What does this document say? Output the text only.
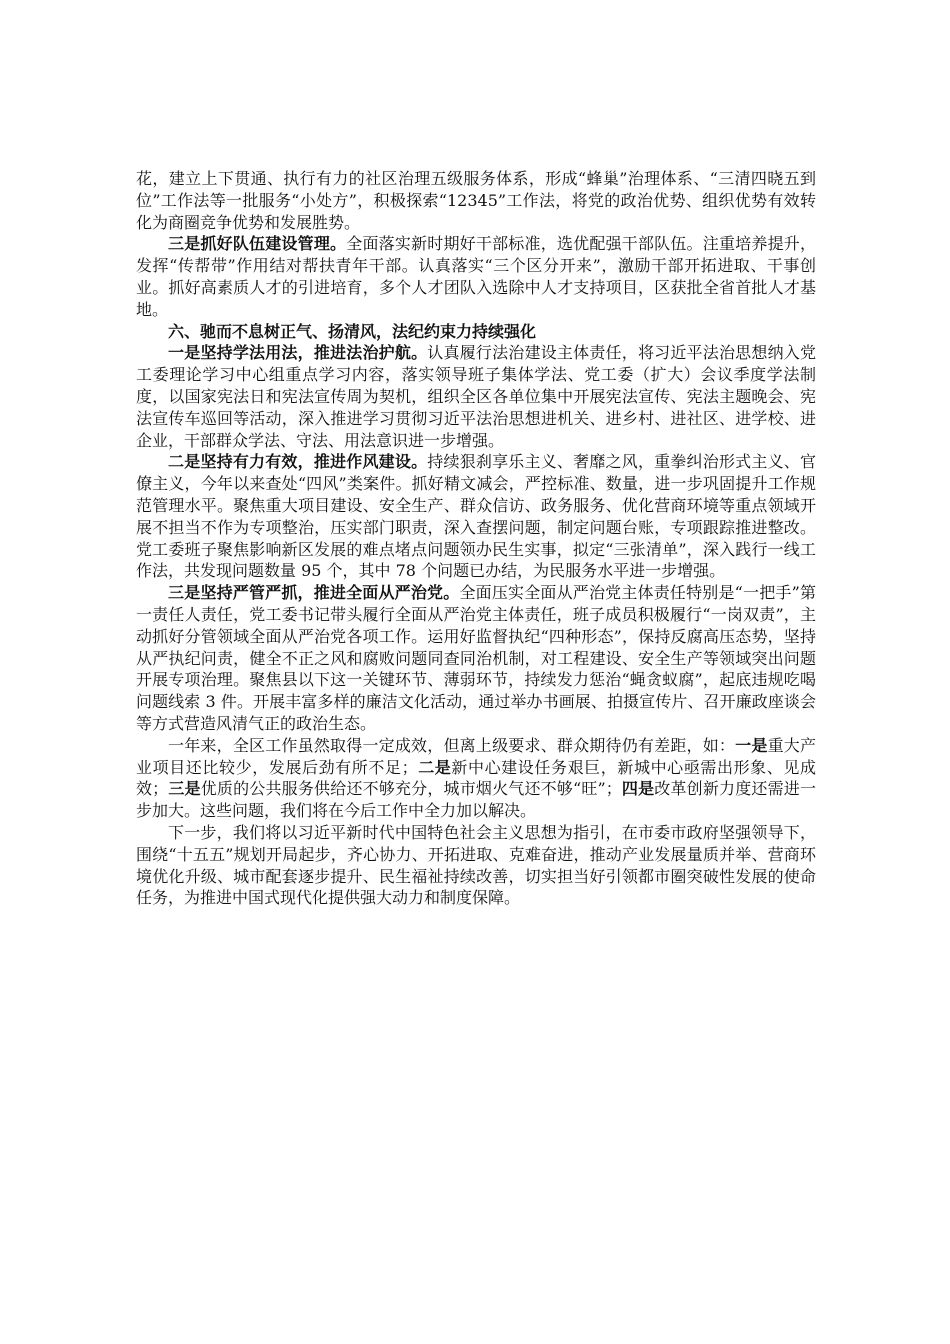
花，建立上下贯通、执行有力的社区治理五级服务体系，形成“蜂巢”治理体系、“三清四晓五到位”工作法等一批服务“小处方”，积极探索“12345”工作法，将党的政治优势、组织优势有效转化为商圈竞争优势和发展胜势。

三是抓好队伍建设管理。全面落实新时期好干部标准，选优配强干部队伍。注重培养提升，发挥“传帮带”作用结对帮扶青年干部。认真落实“三个区分开来”，激励干部开拓进取、干事创业。抓好高素质人才的引进培育，多个人才团队入选除中人才支持项目，区获批全省首批人才基地。

六、驰而不息树正气、扬清风，法纪约束力持续强化

一是坚持学法用法，推进法治护航。认真履行法治建设主体责任，将习近平法治思想纳入党工委理论学习中心组重点学习内容，落实领导班子集体学法、党工委（扩大）会议季度学法制度，以国家宪法日和宪法宣传周为契机，组织全区各单位集中开展宪法宣传、宪法主题晚会、宪法宣传车巡回等活动，深入推进学习贯彻习近平法治思想进机关、进乡村、进社区、进学校、进企业，干部群众学法、守法、用法意识进一步增强。

二是坚持有力有效，推进作风建设。持续狠刹享乐主义、奢靡之风，重拳纠治形式主义、官僚主义，今年以来查处“四风”类案件。抓好精文减会，严控标准、数量，进一步巩固提升工作规范管理水平。聚焦重大项目建设、安全生产、群众信访、政务服务、优化营商环境等重点领域开展不担当不作为专项整治，压实部门职责，深入查摆问题，制定问题台账，专项跟踪推进整改。党工委班子聚焦影响新区发展的难点堵点问题领办民生实事，拟定“三张清单”，深入践行一线工作法，共发现问题数量 95 个，其中 78 个问题已办结，为民服务水平进一步增强。

三是坚持严管严抓，推进全面从严治党。全面压实全面从严治党主体责任特别是“一把手”第一责任人责任，党工委书记带头履行全面从严治党主体责任，班子成员积极履行“一岗双责”，主动抓好分管领域全面从严治党各项工作。运用好监督执纪“四种形态”，保持反腐高压态势，坚持从严执纪问责，健全不正之风和腐败问题同查同治机制，对工程建设、安全生产等领域突出问题开展专项治理。聚焦县以下这一关键环节、薄弱环节，持续发力惩治“蝇贪蚁腐”，起底违规吃喝问题线索 3 件。开展丰富多样的廉洁文化活动，通过举办书画展、拍摄宣传片、召开廉政座谈会等方式营造风清气正的政治生态。

一年来，全区工作虽然取得一定成效，但离上级要求、群众期待仍有差距，如：一是重大产业项目还比较少，发展后劲有所不足；二是新中心建设任务艰巨，新城中心亟需出形象、见成效；三是优质的公共服务供给还不够充分，城市烟火气还不够“旺”；四是改革创新力度还需进一步加大。这些问题，我们将在今后工作中全力加以解决。

下一步，我们将以习近平新时代中国特色社会主义思想为指引，在市委市政府坚强领导下，围绕“十五五”规划开局起步，齐心协力、开拓进取、克难奋进，推动产业发展量质并举、营商环境优化升级、城市配套逐步提升、民生福祉持续改善，切实担当好引领都市圈突破性发展的使命任务，为推进中国式现代化提供强大动力和制度保障。
